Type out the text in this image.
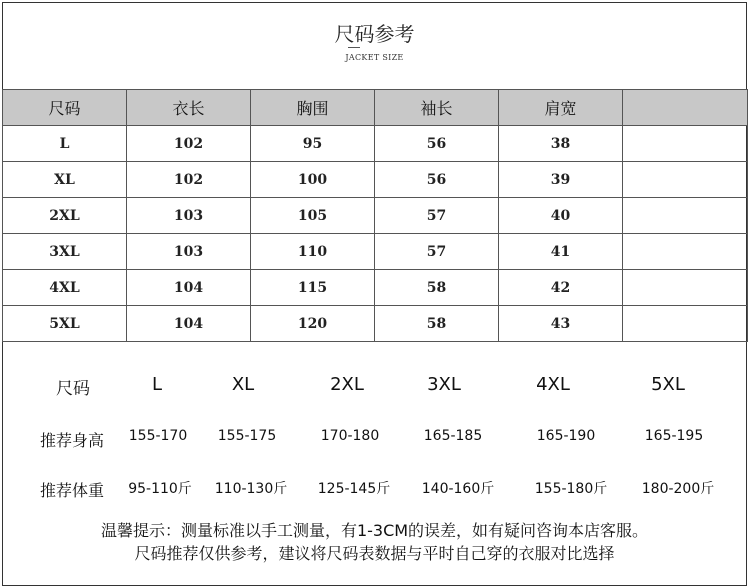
尺码参考
JACKET SIZE
尺码	衣长	胸围	袖长	肩宽	
L	102	95	56	38	
XL	102	100	56	39	
2XL	103	105	57	40	
3XL	103	110	57	41	
4XL	104	115	58	42	
5XL	104	120	58	43	
尺码	L	XL	2XL	3XL	4XL	5XL
推荐身高 155-170 155-175	170-180	165-185	165-190	165-195
推荐体重 95-110斤 110-130斤 125-145斤 140-160斤	155-180斤 180-200斤
温馨提示：测量标准以手工测量，有1-3CM的误差，如有疑问咨询本店客服。
尺码推荐仅供参考，建议将尺码表数据与平时自己穿的衣服对比选择
